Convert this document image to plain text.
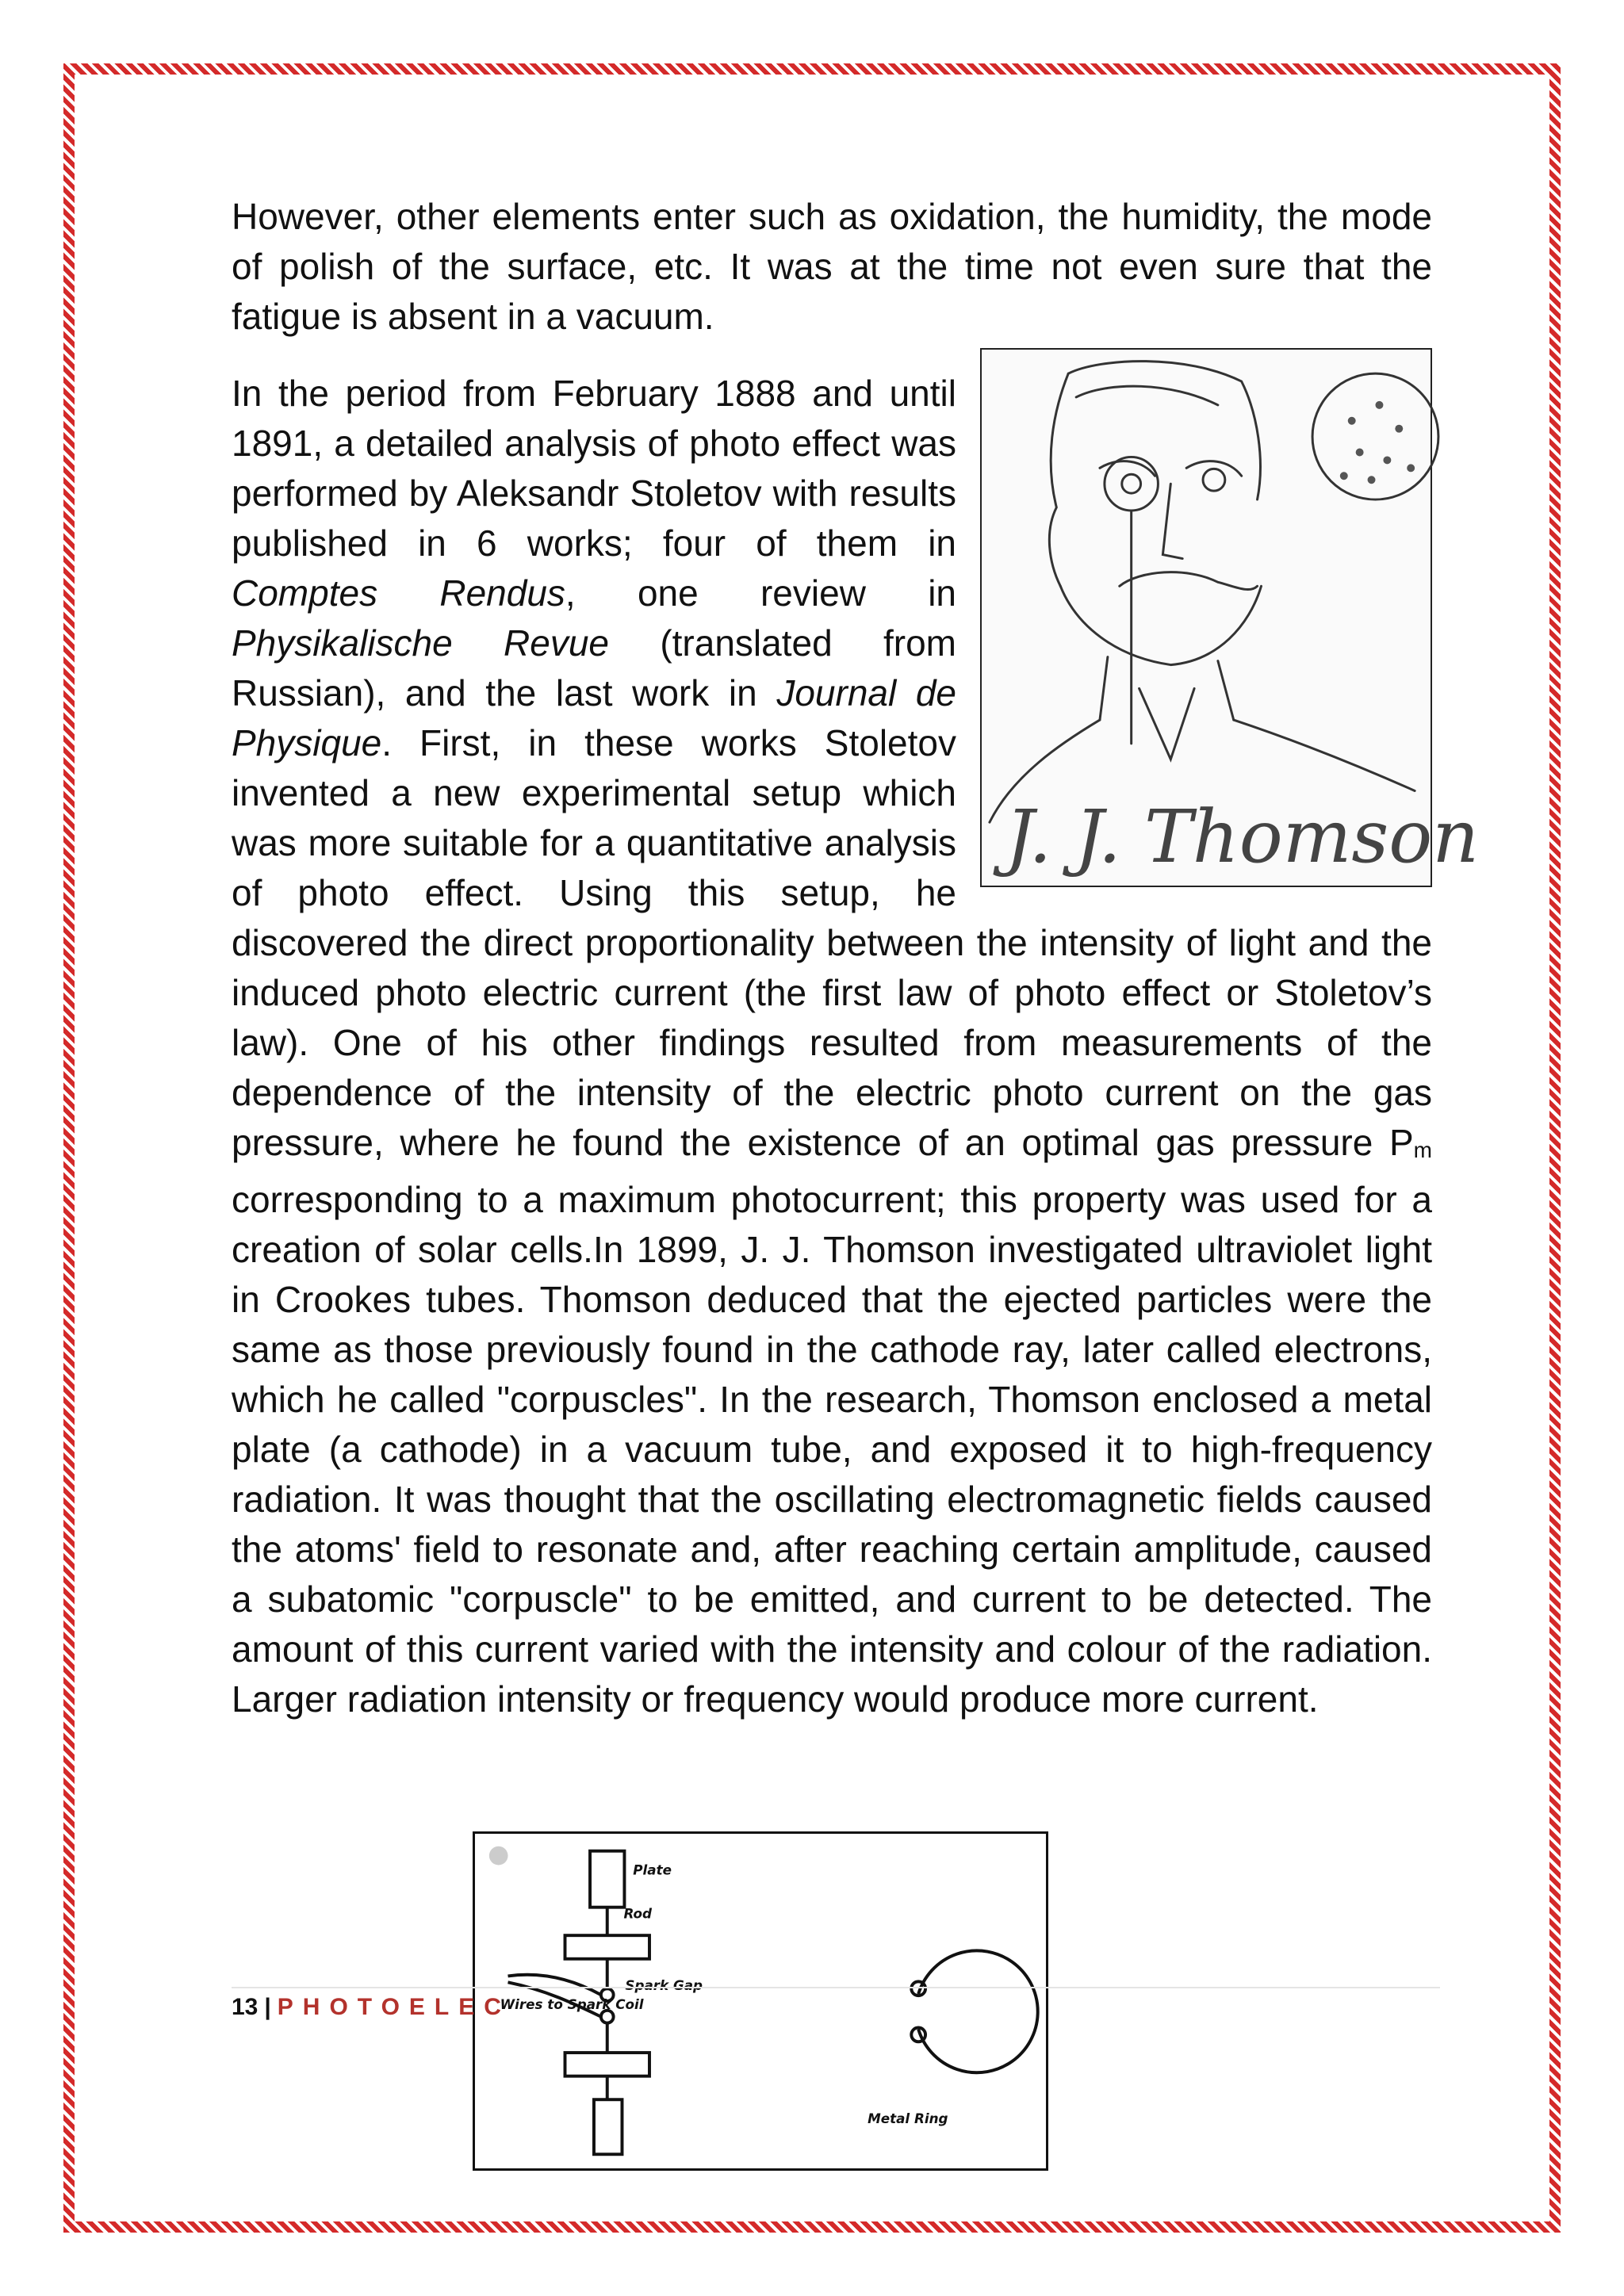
However, other elements enter such as oxidation, the humidity, the mode of polish of the surface, etc. It was at the time not even sure that the fatigue is absent in a vacuum.

J. J. Thomson

In the period from February 1888 and until 1891, a detailed analysis of photo effect was performed by Aleksandr Stoletov with results published in 6 works; four of them in Comptes Rendus, one review in Physikalische Revue (translated from Russian), and the last work in Journal de Physique. First, in these works Stoletov invented a new experimental setup which was more suitable for a quantitative analysis of photo effect. Using this setup, he discovered the direct proportionality between the intensity of light and the induced photo electric current (the first law of photo effect or Stoletov’s law). One of his other findings resulted from measurements of the dependence of the intensity of the electric photo current on the gas pressure, where he found the existence of an optimal gas pressure $P_m$ corresponding to a maximum photocurrent; this property was used for a creation of solar cells.In 1899, J. J. Thomson investigated ultraviolet light in Crookes tubes. Thomson deduced that the ejected particles were the same as those previously found in the cathode ray, later called electrons, which he called "corpuscles". In the research, Thomson enclosed a metal plate (a cathode) in a vacuum tube, and exposed it to high-frequency radiation. It was thought that the oscillating electromagnetic fields caused the atoms' field to resonate and, after reaching certain amplitude, caused a subatomic "corpuscle" to be emitted, and current to be detected. The amount of this current varied with the intensity and colour of the radiation. Larger radiation intensity or frequency would produce more current.

Plate
Rod
Spark Gap
Wires to Spark Coil
Metal Ring
13 | PHOTOELEC
